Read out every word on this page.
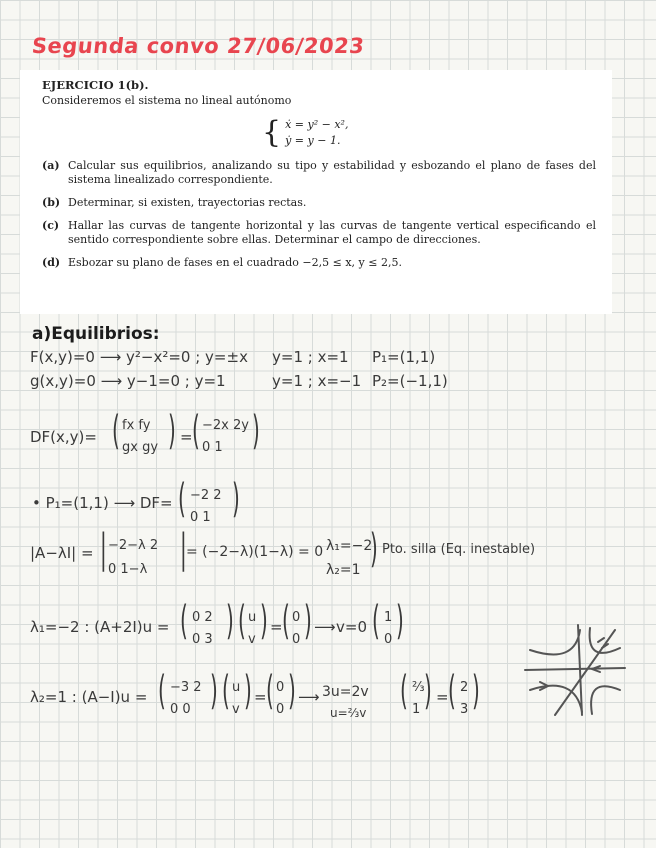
Segunda convo 27/06/2023
EJERCICIO 1(b).
Consideremos el sistema no lineal autónomo
{ ẋ = y² − x²,
ẏ = y − 1.
(a) Calcular sus equilibrios, analizando su tipo y estabilidad y esbozando el plano de fases del sistema linealizado correspondiente.
(b) Determinar, si existen, trayectorias rectas.
(c) Hallar las curvas de tangente horizontal y las curvas de tangente vertical especificando el sentido correspondiente sobre ellas. Determinar el campo de direcciones.
(d) Esbozar su plano de fases en el cuadrado −2,5 ≤ x, y ≤ 2,5.
a)Equilibrios:
F(x,y)=0 ⟶ y²−x²=0 ; y=±x
g(x,y)=0 ⟶ y−1=0 ; y=1
y=1 ; x=1
y=1 ; x=−1
P₁=(1,1)
P₂=(−1,1)
DF(x,y)= ( fx fy
gx gy ) = ( −2x 2y
0 1 )
• P₁=(1,1) ⟶ DF= ( −2 2
0 1 )
|A−λI| = | −2−λ 2
0 1−λ | = (−2−λ)(1−λ) = 0 λ₁=−2
λ₂=1 ) Pto. silla (Eq. inestable)
λ₁=−2 : (A+2I)u = ( 0 2
0 3 ) ( u
v ) = ( 0
0 ) ⟶ v=0 ( 1
0 )
λ₂=1 : (A−I)u = ( −3 2
0 0 ) ( u
v ) = ( 0
0 ) ⟶ 3u=2v
u=⅔v ( ⅔
1 ) = ( 2
3 )
